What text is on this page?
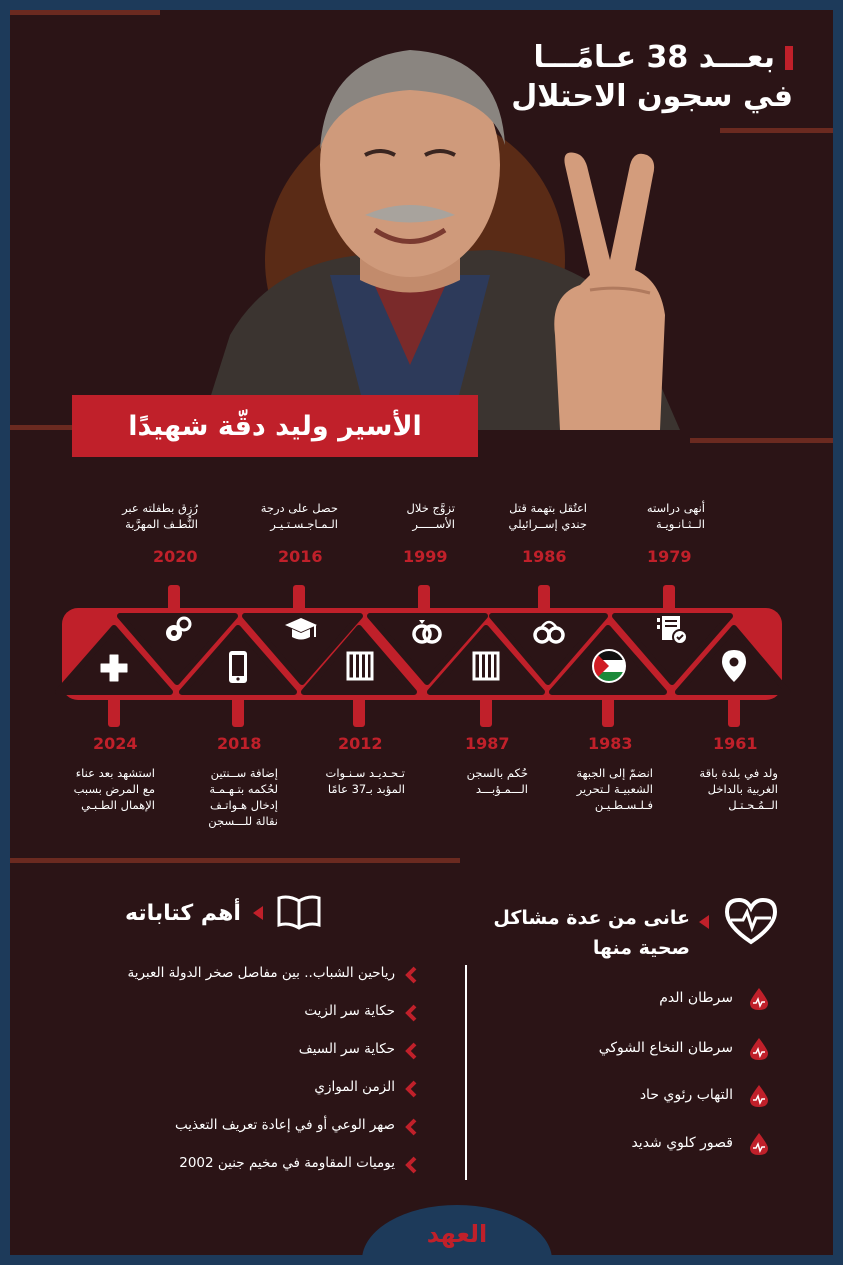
بعـــد 38 عـامًـــا
في سجون الاحتلال
الأسير وليد دقّة شهيدًا
رُزِق بطفلته عبر
النُّطـف المهرَّبة
2020
حصل على درجة
الـمـاجـسـتـيـر
2016
تزوَّج خلال
الأســـــر
1999
اعتُقل بتهمة قتل
جندي إســرائيلي
1986
أنهى دراسته
الــثـانـويـة
1979
2024
استشهد بعد عناء
مع المرض بسبب
الإهمال الطـبـي
2018
إضافة ســنتين
لحُكمه بتـهـمـة
إدخال هـواتـف
نقالة للـــسجن
2012
تـحـديـد سـنـوات
المؤبد بـ37 عامًا
1987
حُكم بالسجن
الـــمـؤبـــد
1983
انضمّ إلى الجبهة
الشعبيـة لـتحرير
فـلـسـطـيـن
1961
ولد في بلدة باقة
الغربية بالداخل
الــمُـحـتـل
أهم كتاباته
رياحين الشباب.. بين مفاصل صخر الدولة العبرية
حكاية سر الزيت
حكاية سر السيف
الزمن الموازي
صهر الوعي أو في إعادة تعريف التعذيب
يوميات المقاومة في مخيم جنين 2002
عانى من عدة مشاكل
صحية منها
سرطان الدم
سرطان النخاع الشوكي
التهاب رئوي حاد
قصور كلوي شديد
العهد
